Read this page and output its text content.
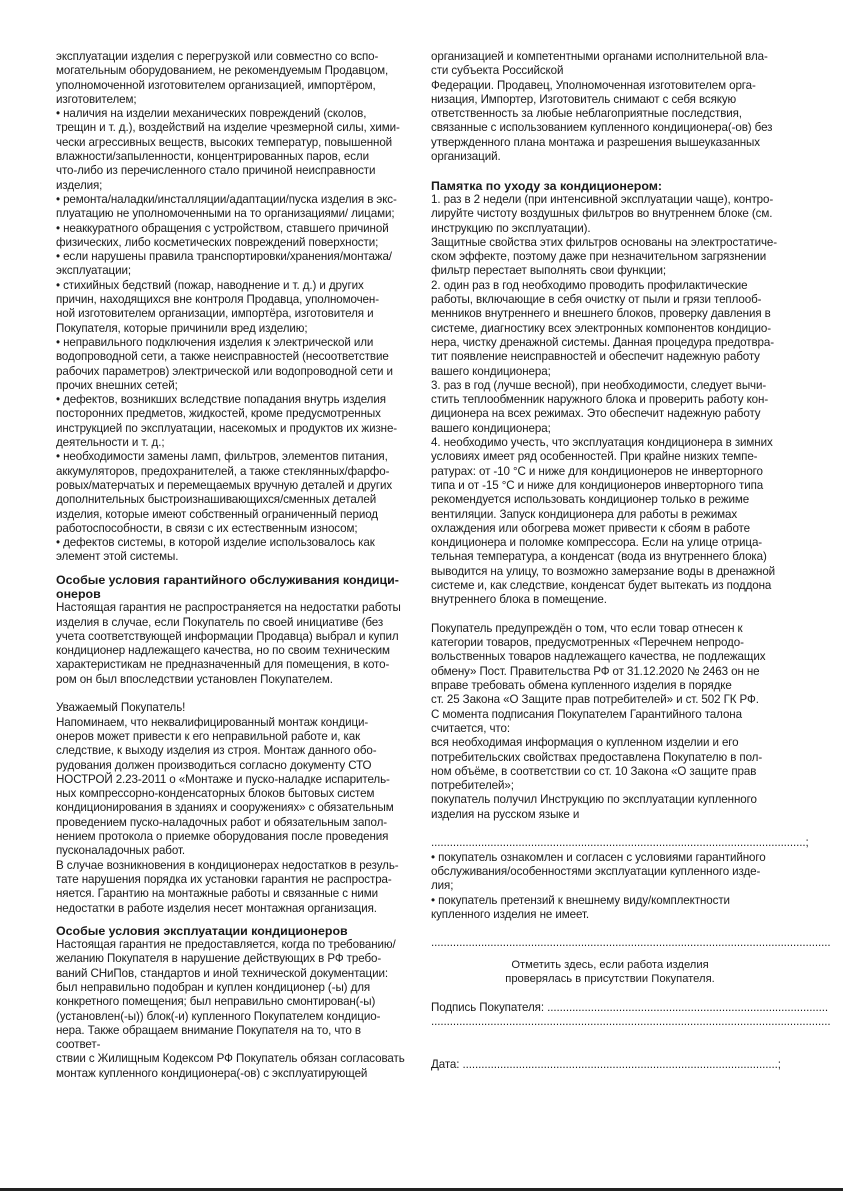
эксплуатации изделия с перегрузкой или совместно со вспо-
могательным оборудованием, не рекомендуемым Продавцом,
уполномоченной изготовителем организацией, импортёром,
изготовителем;
• наличия на изделии механических повреждений (сколов,
трещин и т. д.), воздействий на изделие чрезмерной силы, хими-
чески агрессивных веществ, высоких температур, повышенной
влажности/запыленности, концентрированных паров, если
что-либо из перечисленного стало причиной неисправности
изделия;
• ремонта/наладки/инсталляции/адаптации/пуска изделия в экс-
плуатацию не уполномоченными на то организациями/ лицами;
• неаккуратного обращения с устройством, ставшего причиной
физических, либо косметических повреждений поверхности;
• если нарушены правила транспортировки/хранения/монтажа/
эксплуатации;
• стихийных бедствий (пожар, наводнение и т. д.) и других
причин, находящихся вне контроля Продавца, уполномочен-
ной изготовителем организации, импортёра, изготовителя и
Покупателя, которые причинили вред изделию;
• неправильного подключения изделия к электрической или
водопроводной сети, а также неисправностей (несоответствие
рабочих параметров) электрической или водопроводной сети и
прочих внешних сетей;
• дефектов, возникших вследствие попадания внутрь изделия
посторонних предметов, жидкостей, кроме предусмотренных
инструкцией по эксплуатации, насекомых и продуктов их жизне-
деятельности и т. д.;
• необходимости замены ламп, фильтров, элементов питания,
аккумуляторов, предохранителей, а также стеклянных/фарфо-
ровых/матерчатых и перемещаемых вручную деталей и других
дополнительных быстроизнашивающихся/сменных деталей
изделия, которые имеют собственный ограниченный период
работоспособности, в связи с их естественным износом;
• дефектов системы, в которой изделие использовалось как
элемент этой системы.

Особые условия гарантийного обслуживания кондици-
онеров

Настоящая гарантия не распространяется на недостатки работы
изделия в случае, если Покупатель по своей инициативе (без
учета соответствующей информации Продавца) выбрал и купил
кондиционер надлежащего качества, но по своим техническим
характеристикам не предназначенный для помещения, в кото-
ром он был впоследствии установлен Покупателем.

Уважаемый Покупатель!
Напоминаем, что неквалифицированный монтаж кондици-
онеров может привести к его неправильной работе и, как
следствие, к выходу изделия из строя. Монтаж данного обо-
рудования должен производиться согласно документу СТО
НОСТРОЙ 2.23-2011 о «Монтаже и пуско-наладке испаритель-
ных компрессорно-конденсаторных блоков бытовых систем
кондиционирования в зданиях и сооружениях» с обязательным
проведением пуско-наладочных работ и обязательным запол-
нением протокола о приемке оборудования после проведения
пусконаладочных работ.
В случае возникновения в кондиционерах недостатков в резуль-
тате нарушения порядка их установки гарантия не распростра-
няется. Гарантию на монтажные работы и связанные с ними
недостатки в работе изделия несет монтажная организация.

Особые условия эксплуатации кондиционеров

Настоящая гарантия не предоставляется, когда по требованию/
желанию Покупателя в нарушение действующих в РФ требо-
ваний СНиПов, стандартов и иной технической документации:
был неправильно подобран и куплен кондиционер (-ы) для
конкретного помещения; был неправильно смонтирован(-ы)
(установлен(-ы)) блок(-и) купленного Покупателем кондицио-
нера. Также обращаем внимание Покупателя на то, что в соответ-
ствии с Жилищным Кодексом РФ Покупатель обязан согласовать
монтаж купленного кондиционера(-ов) с эксплуатирующей

организацией и компетентными органами исполнительной вла-
сти субъекта Российской
Федерации. Продавец, Уполномоченная изготовителем орга-
низация, Импортер, Изготовитель снимают с себя всякую
ответственность за любые неблагоприятные последствия,
связанные с использованием купленного кондиционера(-ов) без
утвержденного плана монтажа и разрешения вышеуказанных
организаций.

Памятка по уходу за кондиционером:

1. раз в 2 недели (при интенсивной эксплуатации чаще), контро-
лируйте чистоту воздушных фильтров во внутреннем блоке (см.
инструкцию по эксплуатации).
Защитные свойства этих фильтров основаны на электростатиче-
ском эффекте, поэтому даже при незначительном загрязнении
фильтр перестает выполнять свои функции;
2. один раз в год необходимо проводить профилактические
работы, включающие в себя очистку от пыли и грязи теплооб-
менников внутреннего и внешнего блоков, проверку давления в
системе, диагностику всех электронных компонентов кондицио-
нера, чистку дренажной системы. Данная процедура предотвра-
тит появление неисправностей и обеспечит надежную работу
вашего кондиционера;
3. раз в год (лучше весной), при необходимости, следует вычи-
стить теплообменник наружного блока и проверить работу кон-
диционера на всех режимах. Это обеспечит надежную работу
вашего кондиционера;
4. необходимо учесть, что эксплуатация кондиционера в зимних
условиях имеет ряд особенностей. При крайне низких темпе-
ратурах: от -10 °С и ниже для кондиционеров не инверторного
типа и от -15 °С и ниже для кондиционеров инверторного типа
рекомендуется использовать кондиционер только в режиме
вентиляции. Запуск кондиционера для работы в режимах
охлаждения или обогрева может привести к сбоям в работе
кондиционера и поломке компрессора. Если на улице отрица-
тельная температура, а конденсат (вода из внутреннего блока)
выводится на улицу, то возможно замерзание воды в дренажной
системе и, как следствие, конденсат будет вытекать из поддона
внутреннего блока в помещение.

Покупатель предупреждён о том, что если товар отнесен к
категории товаров, предусмотренных «Перечнем непродо-
вольственных товаров надлежащего качества, не подлежащих
обмену» Пост. Правительства РФ от 31.12.2020 № 2463 он не
вправе требовать обмена купленного изделия в порядке
ст. 25 Закона «О Защите прав потребителей» и ст. 502 ГК РФ.
С момента подписания Покупателем Гарантийного талона
считается, что:
вся необходимая информация о купленном изделии и его
потребительских свойствах предоставлена Покупателю в пол-
ном объёме, в соответствии со ст. 10 Закона «О защите прав
потребителей»;
покупатель получил Инструкцию по эксплуатации купленного
изделия на русском языке и

........................................................................................................................;

• покупатель ознакомлен и согласен с условиями гарантийного
обслуживания/особенностями эксплуатации купленного изде-
лия;
• покупатель претензий к внешнему виду/комплектности
купленного изделия не имеет.

................................................................................................................................

Отметить здесь, если работа изделия
проверялась в присутствии Покупателя.

Подпись Покупателя: ..........................................................................................

................................................................................................................................

Дата: .....................................................................................................;
